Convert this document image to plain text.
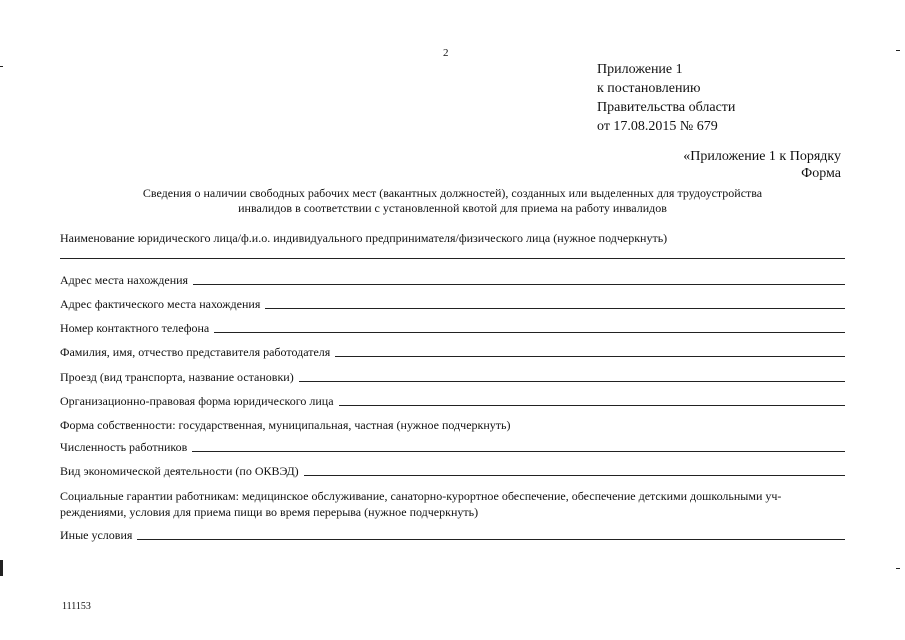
2
Приложение 1
к постановлению
Правительства области
от 17.08.2015 № 679
«Приложение 1 к Порядку
Форма
Сведения о наличии свободных рабочих мест (вакантных должностей), созданных или выделенных для трудоустройства
инвалидов в соответствии с установленной квотой для приема на работу инвалидов
Наименование юридического лица/ф.и.о. индивидуального предпринимателя/физического лица (нужное подчеркнуть)
Адрес места нахождения
Адрес фактического места нахождения
Номер контактного телефона
Фамилия, имя, отчество представителя работодателя
Проезд (вид транспорта, название остановки)
Организационно-правовая форма юридического лица
Форма собственности: государственная, муниципальная, частная (нужное подчеркнуть)
Численность работников
Вид экономической деятельности (по ОКВЭД)
Социальные гарантии работникам: медицинское обслуживание, санаторно-курортное обеспечение, обеспечение детскими дошкольными уч-
реждениями, условия для приема пищи во время перерыва (нужное подчеркнуть)
Иные условия
111153
